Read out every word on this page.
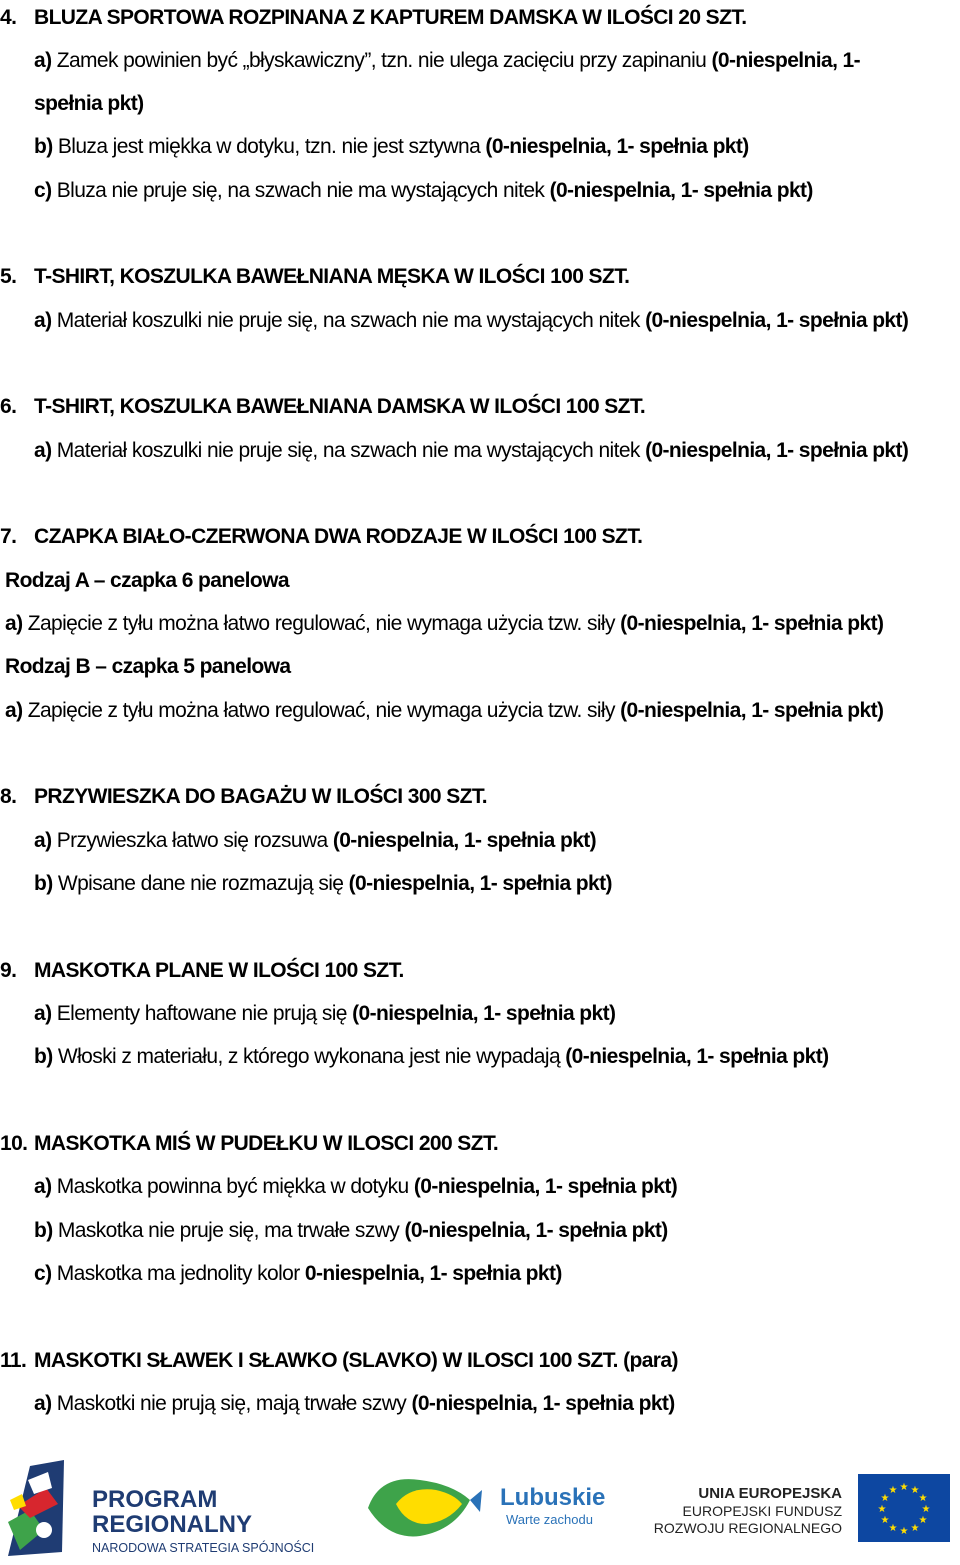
4. BLUZA SPORTOWA ROZPINANA Z KAPTUREM DAMSKA W ILOŚCI 20 SZT.
a) Zamek powinien być „błyskawiczny”, tzn. nie ulega zacięciu przy zapinaniu (0-niespelnia, 1-
spełnia pkt)
b) Bluza jest miękka w dotyku, tzn. nie jest sztywna (0-niespelnia, 1- spełnia pkt)
c) Bluza nie pruje się, na szwach nie ma wystających nitek (0-niespelnia, 1- spełnia pkt)
5. T-SHIRT, KOSZULKA BAWEŁNIANA MĘSKA W ILOŚCI 100 SZT.
a) Materiał koszulki nie pruje się, na szwach nie ma wystających nitek (0-niespelnia, 1- spełnia pkt)
6. T-SHIRT, KOSZULKA BAWEŁNIANA DAMSKA W ILOŚCI 100 SZT.
a) Materiał koszulki nie pruje się, na szwach nie ma wystających nitek (0-niespelnia, 1- spełnia pkt)
7. CZAPKA BIAŁO-CZERWONA DWA RODZAJE W ILOŚCI 100 SZT.
Rodzaj A – czapka 6 panelowa
a) Zapięcie z tyłu można łatwo regulować, nie wymaga użycia tzw. siły (0-niespelnia, 1- spełnia pkt)
Rodzaj B – czapka 5 panelowa
a) Zapięcie z tyłu można łatwo regulować, nie wymaga użycia tzw. siły (0-niespelnia, 1- spełnia pkt)
8. PRZYWIESZKA DO BAGAŻU W ILOŚCI 300 SZT.
a) Przywieszka łatwo się rozsuwa (0-niespelnia, 1- spełnia pkt)
b) Wpisane dane nie rozmazują się (0-niespelnia, 1- spełnia pkt)
9. MASKOTKA PLANE W ILOŚCI 100 SZT.
a) Elementy haftowane nie prują się (0-niespelnia, 1- spełnia pkt)
b) Włoski z materiału, z którego wykonana jest nie wypadają (0-niespelnia, 1- spełnia pkt)
10. MASKOTKA MIŚ W PUDEŁKU W ILOSCI 200 SZT.
a) Maskotka powinna być miękka w dotyku (0-niespelnia, 1- spełnia pkt)
b) Maskotka nie pruje się, ma trwałe szwy (0-niespelnia, 1- spełnia pkt)
c) Maskotka ma jednolity kolor 0-niespelnia, 1- spełnia pkt)
11. MASKOTKI SŁAWEK I SŁAWKO (SLAVKO) W ILOSCI 100 SZT. (para)
a) Maskotki nie prują się, mają trwałe szwy (0-niespelnia, 1- spełnia pkt)
PROGRAM
REGIONALNY
NARODOWA STRATEGIA SPÓJNOŚCI
Lubuskie
Warte zachodu
UNIA EUROPEJSKA
EUROPEJSKI FUNDUSZ
ROZWOJU REGIONALNEGO
★ ★
★
★
★
★
★
★
★
★
★
★
